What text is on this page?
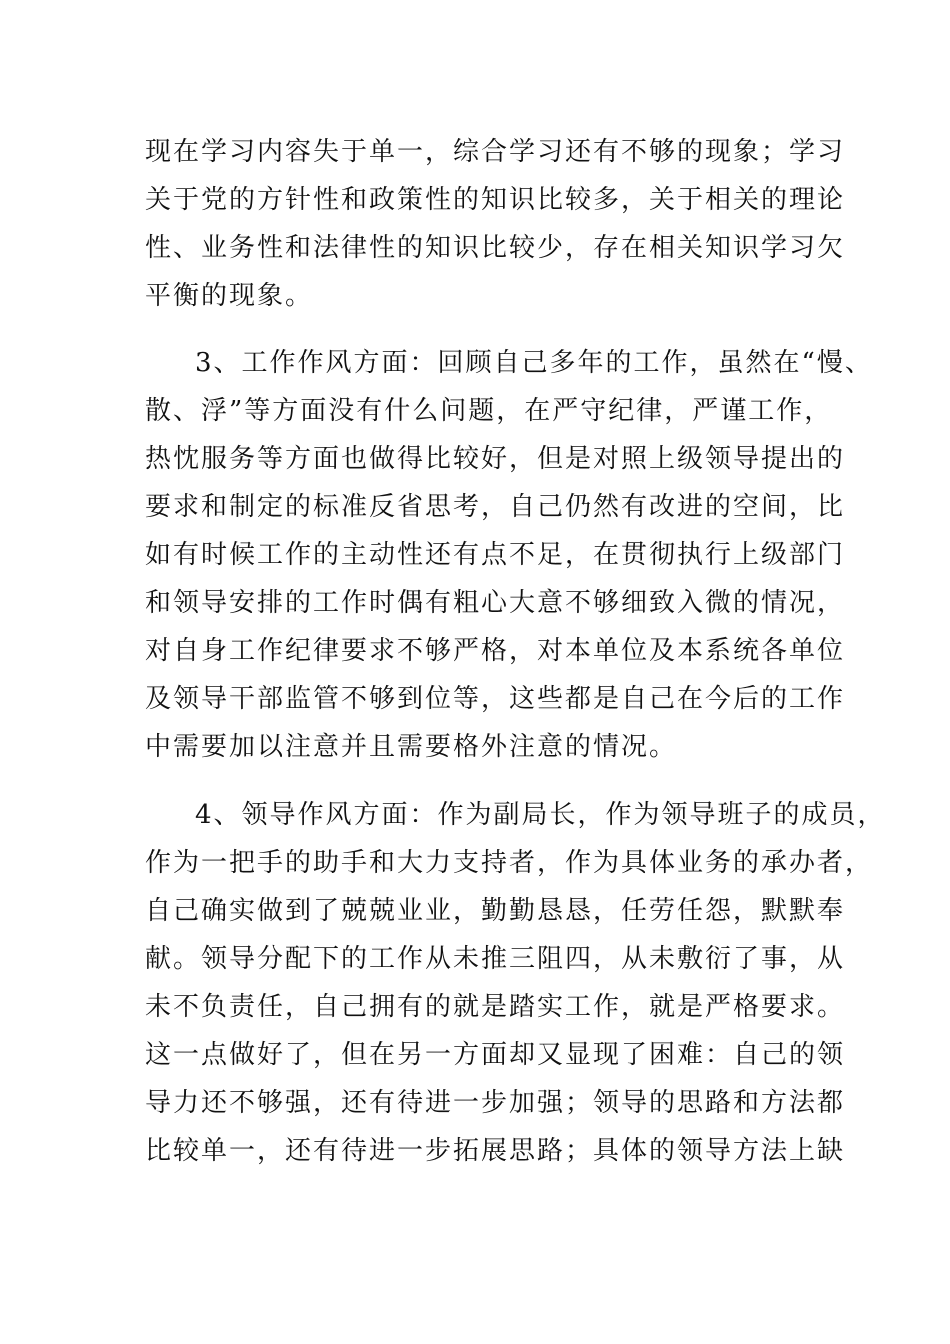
现在学习内容失于单一，综合学习还有不够的现象；学习
关于党的方针性和政策性的知识比较多，关于相关的理论
性、业务性和法律性的知识比较少，存在相关知识学习欠
平衡的现象。
3、工作作风方面：回顾自己多年的工作，虽然在“慢、
散、浮”等方面没有什么问题，在严守纪律，严谨工作，
热忱服务等方面也做得比较好，但是对照上级领导提出的
要求和制定的标准反省思考，自己仍然有改进的空间，比
如有时候工作的主动性还有点不足，在贯彻执行上级部门
和领导安排的工作时偶有粗心大意不够细致入微的情况，
对自身工作纪律要求不够严格，对本单位及本系统各单位
及领导干部监管不够到位等，这些都是自己在今后的工作
中需要加以注意并且需要格外注意的情况。
4、领导作风方面：作为副局长，作为领导班子的成员，
作为一把手的助手和大力支持者，作为具体业务的承办者，
自己确实做到了兢兢业业，勤勤恳恳，任劳任怨，默默奉
献。领导分配下的工作从未推三阻四，从未敷衍了事，从
未不负责任，自己拥有的就是踏实工作，就是严格要求。
这一点做好了，但在另一方面却又显现了困难：自己的领
导力还不够强，还有待进一步加强；领导的思路和方法都
比较单一，还有待进一步拓展思路；具体的领导方法上缺
